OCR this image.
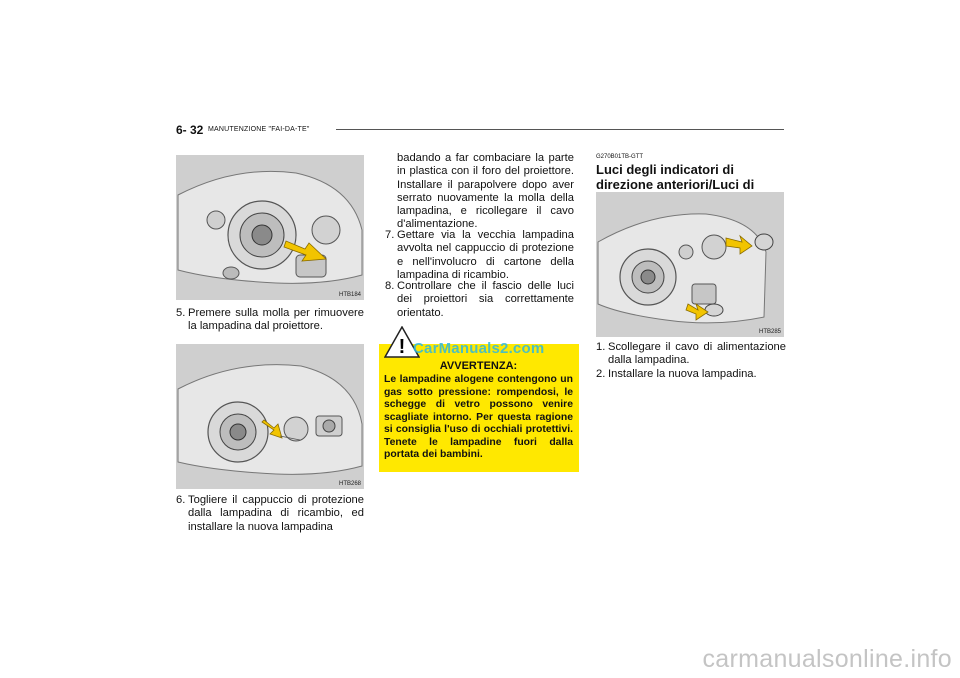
6- 32 MANUTENZIONE "FAI-DA-TE"
HTB184
5. Premere sulla molla per rimuovere la lampadina dal proiettore.
HTB268
6. Togliere il cappuccio di protezione dalla lampadina di ricambio, ed installare la nuova lampadina
badando a far combaciare la parte in plastica con il foro del proiettore. Installare il parapolvere dopo aver serrato nuovamente la molla della lampadina, e ricollegare il cavo d'alimentazione.
7. Gettare via la vecchia lampadina avvolta nel cappuccio di protezione e nell'involucro di cartone della lampadina di ricambio.
8. Controllare che il fascio delle luci dei proiettori sia correttamente orientato.
AVVERTENZA:
Le lampadine alogene contengono un gas sotto pressione: rompendosi, le schegge di vetro possono venire scagliate intorno. Per questa ragione si consiglia l'uso di occhiali protettivi. Tenete le lampadine fuori dalla portata dei bambini.
! CarManuals2.com
G270B01TB-GTT
Luci degli indicatori di direzione anteriori/Luci di
HTB285
1. Scollegare il cavo di alimentazione dalla lampadina.
2. Installare la nuova lampadina.
carmanualsonline.info
